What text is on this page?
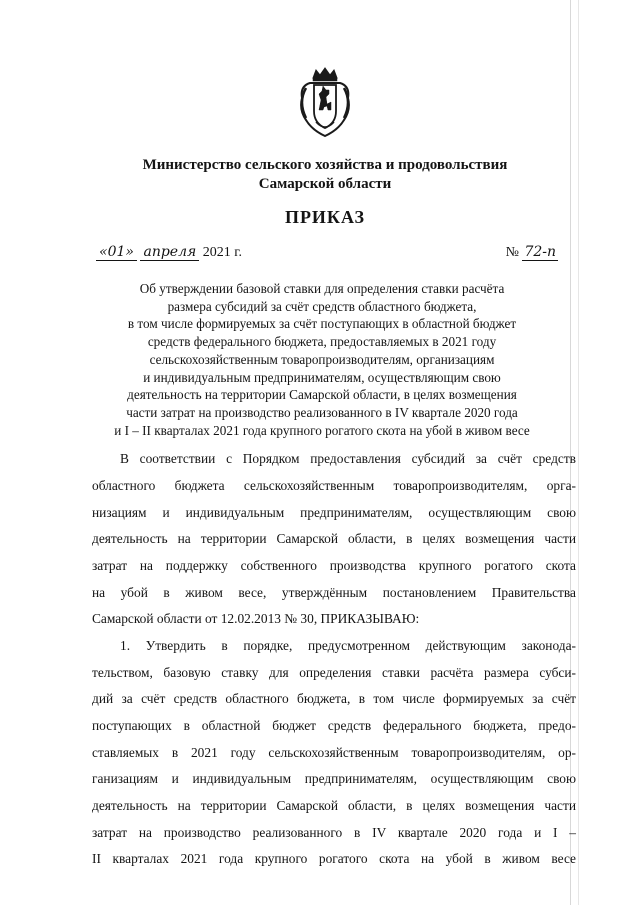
Министерство сельского хозяйства и продовольствия
Самарской области
ПРИКАЗ
«01» апреля 2021 г.	№ 72-п
Об утверждении базовой ставки для определения ставки расчёта
размера субсидий за счёт средств областного бюджета,
в том числе формируемых за счёт поступающих в областной бюджет
средств федерального бюджета, предоставляемых в 2021 году
сельскохозяйственным товаропроизводителям, организациям
и индивидуальным предпринимателям, осуществляющим свою
деятельность на территории Самарской области, в целях возмещения
части затрат на производство реализованного в IV квартале 2020 года
и I – II кварталах 2021 года крупного рогатого скота на убой в живом весе
В соответствии с Порядком предоставления субсидий за счёт средств
областного бюджета сельскохозяйственным товаропроизводителям, орга-
низациям и индивидуальным предпринимателям, осуществляющим свою
деятельность на территории Самарской области, в целях возмещения части
затрат на поддержку собственного производства крупного рогатого скота
на убой в живом весе, утверждённым постановлением Правительства
Самарской области от 12.02.2013 № 30, ПРИКАЗЫВАЮ:
1. Утвердить в порядке, предусмотренном действующим законода-
тельством, базовую ставку для определения ставки расчёта размера субси-
дий за счёт средств областного бюджета, в том числе формируемых за счёт
поступающих в областной бюджет средств федерального бюджета, предо-
ставляемых в 2021 году сельскохозяйственным товаропроизводителям, ор-
ганизациям и индивидуальным предпринимателям, осуществляющим свою
деятельность на территории Самарской области, в целях возмещения части
затрат на производство реализованного в IV квартале 2020 года и I –
II кварталах 2021 года крупного рогатого скота на убой в живом весе
